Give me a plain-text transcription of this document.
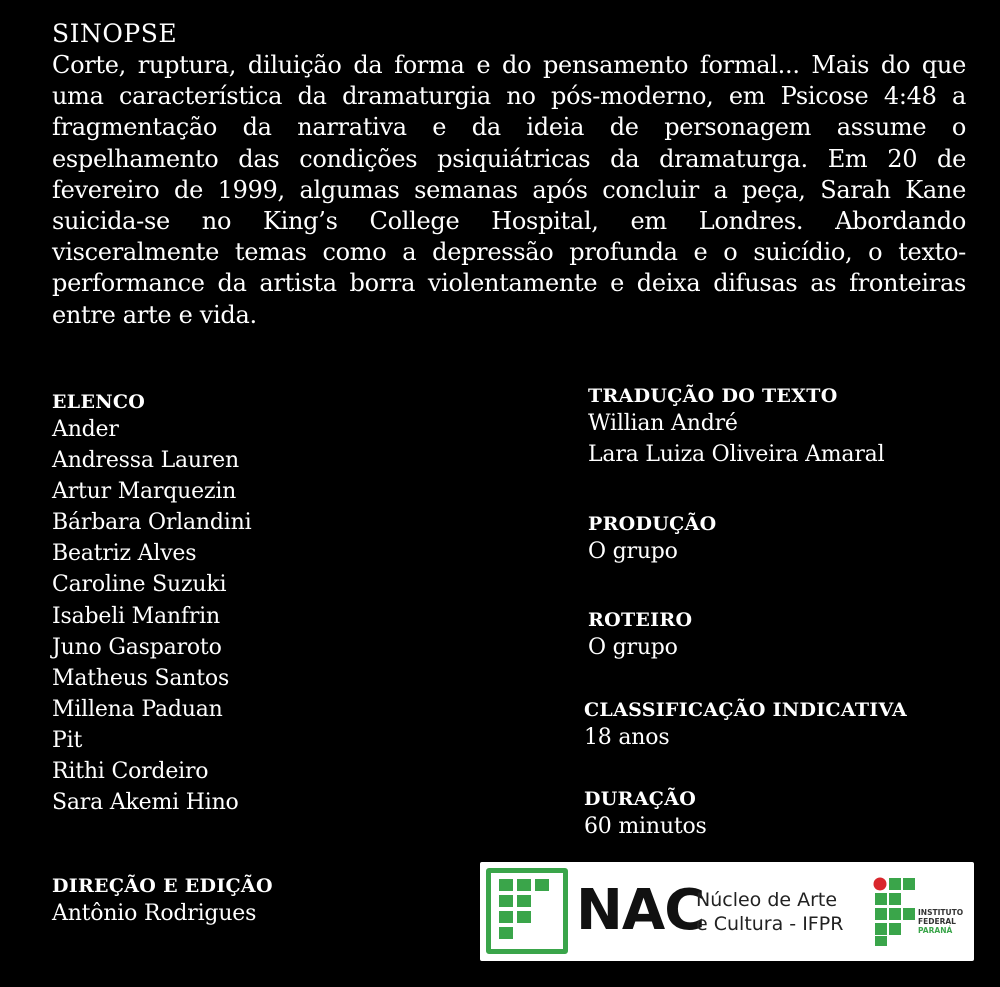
SINOPSE

Corte, ruptura, diluição da forma e do pensamento formal... Mais do que uma característica da dramaturgia no pós-moderno, em Psicose 4:48 a fragmentação da narrativa e da ideia de personagem assume o espelhamento das condições psiquiátricas da dramaturga. Em 20 de fevereiro de 1999, algumas semanas após concluir a peça, Sarah Kane suicida-se no King’s College Hospital, em Londres. Abordando visceralmente temas como a depressão profunda e o suicídio, o texto-performance da artista borra violentamente e deixa difusas as fronteiras entre arte e vida.

ELENCO
Ander
Andressa Lauren
Artur Marquezin
Bárbara Orlandini
Beatriz Alves
Caroline Suzuki
Isabeli Manfrin
Juno Gasparoto
Matheus Santos
Millena Paduan
Pit
Rithi Cordeiro
Sara Akemi Hino
DIREÇÃO E EDIÇÃO
Antônio Rodrigues
TRADUÇÃO DO TEXTO
Willian André
Lara Luiza Oliveira Amaral
PRODUÇÃO
O grupo
ROTEIRO
O grupo
CLASSIFICAÇÃO INDICATIVA
18 anos
DURAÇÃO
60 minutos
NAC
Núcleo de Arte
e Cultura - IFPR
INSTITUTO
FEDERAL
PARANÁ
